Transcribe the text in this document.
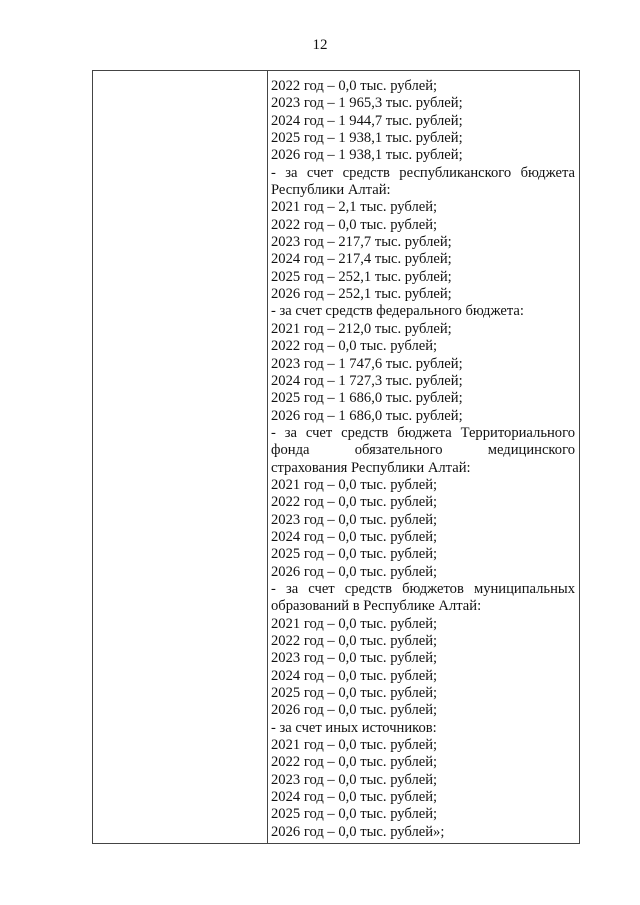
12
2022 год – 0,0 тыс. рублей;
2023 год – 1 965,3 тыс. рублей;
2024 год – 1 944,7 тыс. рублей;
2025 год – 1 938,1 тыс. рублей;
2026 год – 1 938,1 тыс. рублей;
- за счет средств республиканского бюджета
Республики Алтай:
2021 год – 2,1 тыс. рублей;
2022 год – 0,0 тыс. рублей;
2023 год – 217,7 тыс. рублей;
2024 год – 217,4 тыс. рублей;
2025 год – 252,1 тыс. рублей;
2026 год – 252,1 тыс. рублей;
- за счет средств федерального бюджета:
2021 год – 212,0 тыс. рублей;
2022 год – 0,0 тыс. рублей;
2023 год – 1 747,6 тыс. рублей;
2024 год – 1 727,3 тыс. рублей;
2025 год – 1 686,0 тыс. рублей;
2026 год – 1 686,0 тыс. рублей;
- за счет средств бюджета Территориального
фонда обязательного медицинского
страхования Республики Алтай:
2021 год – 0,0 тыс. рублей;
2022 год – 0,0 тыс. рублей;
2023 год – 0,0 тыс. рублей;
2024 год – 0,0 тыс. рублей;
2025 год – 0,0 тыс. рублей;
2026 год – 0,0 тыс. рублей;
- за счет средств бюджетов муниципальных
образований в Республике Алтай:
2021 год – 0,0 тыс. рублей;
2022 год – 0,0 тыс. рублей;
2023 год – 0,0 тыс. рублей;
2024 год – 0,0 тыс. рублей;
2025 год – 0,0 тыс. рублей;
2026 год – 0,0 тыс. рублей;
- за счет иных источников:
2021 год – 0,0 тыс. рублей;
2022 год – 0,0 тыс. рублей;
2023 год – 0,0 тыс. рублей;
2024 год – 0,0 тыс. рублей;
2025 год – 0,0 тыс. рублей;
2026 год – 0,0 тыс. рублей»;
